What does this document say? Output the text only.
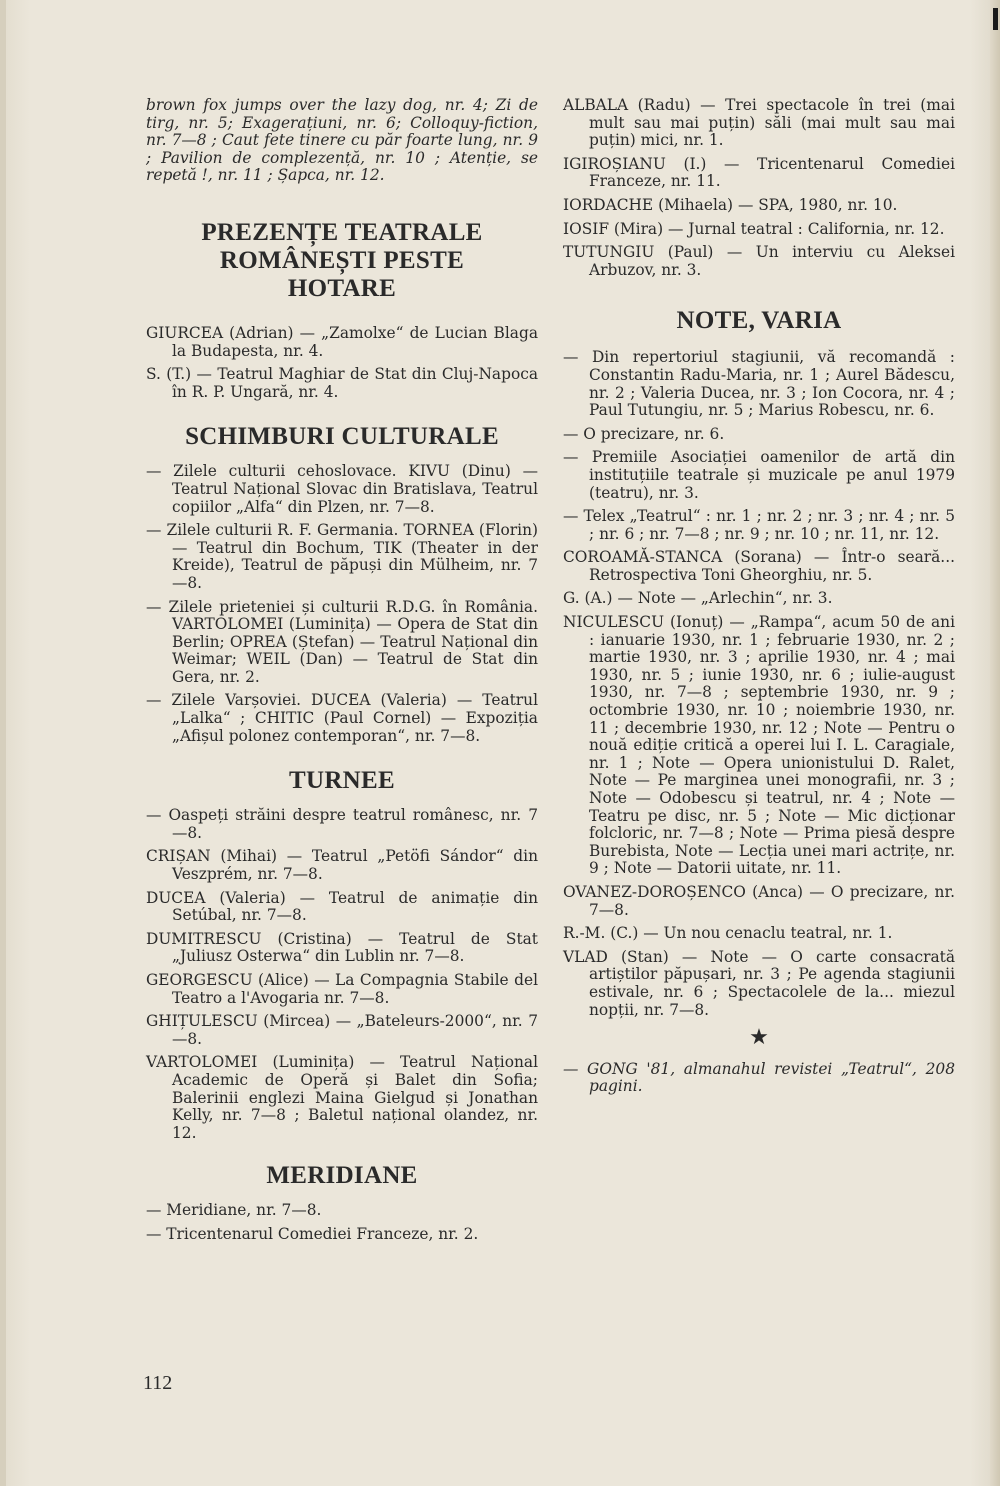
brown fox jumps over the lazy dog, nr. 4; Zi de tirg, nr. 5; Exagerațiuni, nr. 6; Colloquy-fiction, nr. 7—8 ; Caut fete tinere cu păr foarte lung, nr. 9 ; Pavilion de complezență, nr. 10 ; Atenție, se repetă !, nr. 11 ; Șapca, nr. 12.

PREZENȚE TEATRALE ROMÂNEȘTI PESTE HOTARE

GIURCEA (Adrian) — „Zamolxe“ de Lucian Blaga la Budapesta, nr. 4.

S. (T.) — Teatrul Maghiar de Stat din Cluj-Napoca în R. P. Ungară, nr. 4.

SCHIMBURI CULTURALE

— Zilele culturii cehoslovace. KIVU (Dinu) — Teatrul Național Slovac din Bratislava, Teatrul copiilor „Alfa“ din Plzen, nr. 7—8.

— Zilele culturii R. F. Germania. TORNEA (Florin) — Teatrul din Bochum, TIK (Theater in der Kreide), Teatrul de păpuși din Mülheim, nr. 7—8.

— Zilele prieteniei și culturii R.D.G. în România. VARTOLOMEI (Luminița) — Opera de Stat din Berlin; OPREA (Ștefan) — Teatrul Național din Weimar; WEIL (Dan) — Teatrul de Stat din Gera, nr. 2.

— Zilele Varșoviei. DUCEA (Valeria) — Teatrul „Lalka“ ; CHITIC (Paul Cornel) — Expoziția „Afișul polonez contemporan“, nr. 7—8.

TURNEE

— Oaspeți străini despre teatrul românesc, nr. 7—8.

CRIȘAN (Mihai) — Teatrul „Petöfi Sándor“ din Veszprém, nr. 7—8.

DUCEA (Valeria) — Teatrul de animație din Setúbal, nr. 7—8.

DUMITRESCU (Cristina) — Teatrul de Stat „Juliusz Osterwa“ din Lublin nr. 7—8.

GEORGESCU (Alice) — La Compagnia Stabile del Teatro a l'Avogaria nr. 7—8.

GHIȚULESCU (Mircea) — „Bateleurs-2000“, nr. 7—8.

VARTOLOMEI (Luminița) — Teatrul Național Academic de Operă și Balet din Sofia; Balerinii englezi Maina Gielgud și Jonathan Kelly, nr. 7—8 ; Baletul național olandez, nr. 12.

MERIDIANE

— Meridiane, nr. 7—8.

— Tricentenarul Comediei Franceze, nr. 2.

ALBALA (Radu) — Trei spectacole în trei (mai mult sau mai puțin) săli (mai mult sau mai puțin) mici, nr. 1.

IGIROȘIANU (I.) — Tricentenarul Comediei Franceze, nr. 11.

IORDACHE (Mihaela) — SPA, 1980, nr. 10.

IOSIF (Mira) — Jurnal teatral : California, nr. 12.

TUTUNGIU (Paul) — Un interviu cu Aleksei Arbuzov, nr. 3.

NOTE, VARIA

— Din repertoriul stagiunii, vă recomandă : Constantin Radu-Maria, nr. 1 ; Aurel Bădescu, nr. 2 ; Valeria Ducea, nr. 3 ; Ion Cocora, nr. 4 ; Paul Tutungiu, nr. 5 ; Marius Robescu, nr. 6.

— O precizare, nr. 6.

— Premiile Asociației oamenilor de artă din instituțiile teatrale și muzicale pe anul 1979 (teatru), nr. 3.

— Telex „Teatrul“ : nr. 1 ; nr. 2 ; nr. 3 ; nr. 4 ; nr. 5 ; nr. 6 ; nr. 7—8 ; nr. 9 ; nr. 10 ; nr. 11, nr. 12.

COROAMĂ-STANCA (Sorana) — Într-o seară... Retrospectiva Toni Gheorghiu, nr. 5.

G. (A.) — Note — „Arlechin“, nr. 3.

NICULESCU (Ionuț) — „Rampa“, acum 50 de ani : ianuarie 1930, nr. 1 ; februarie 1930, nr. 2 ; martie 1930, nr. 3 ; aprilie 1930, nr. 4 ; mai 1930, nr. 5 ; iunie 1930, nr. 6 ; iulie-august 1930, nr. 7—8 ; septembrie 1930, nr. 9 ; octombrie 1930, nr. 10 ; noiembrie 1930, nr. 11 ; decembrie 1930, nr. 12 ; Note — Pentru o nouă ediție critică a operei lui I. L. Caragiale, nr. 1 ; Note — Opera unionistului D. Ralet, Note — Pe marginea unei monografii, nr. 3 ; Note — Odobescu și teatrul, nr. 4 ; Note — Teatru pe disc, nr. 5 ; Note — Mic dicționar folcloric, nr. 7—8 ; Note — Prima piesă despre Burebista, Note — Lecția unei mari actrițe, nr. 9 ; Note — Datorii uitate, nr. 11.

OVANEZ-DOROȘENCO (Anca) — O precizare, nr. 7—8.

R.-M. (C.) — Un nou cenaclu teatral, nr. 1.

VLAD (Stan) — Note — O carte consacrată artiștilor păpușari, nr. 3 ; Pe agenda stagiunii estivale, nr. 6 ; Spectacolele de la... miezul nopții, nr. 7—8.

★

— GONG '81, almanahul revistei „Teatrul“, 208 pagini.

112
